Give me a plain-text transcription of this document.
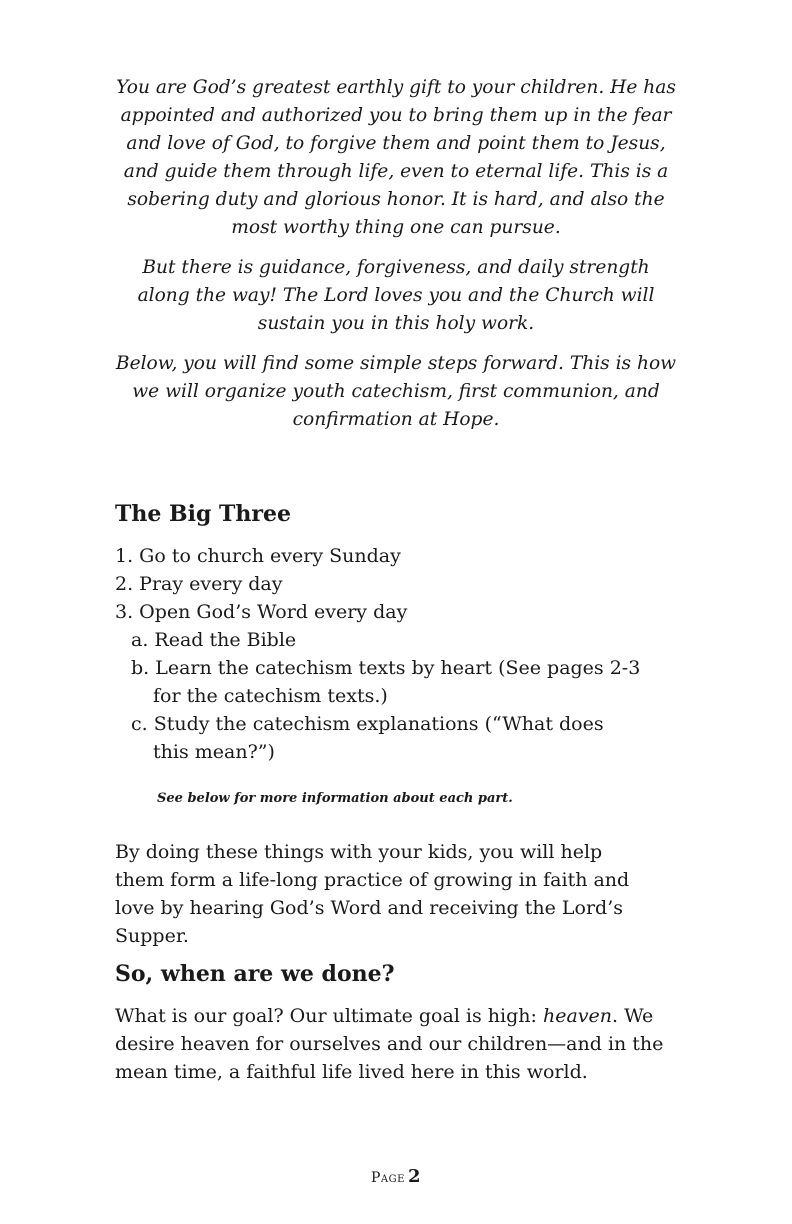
You are God’s greatest earthly gift to your children. He has appointed and authorized you to bring them up in the fear and love of God, to forgive them and point them to Jesus, and guide them through life, even to eternal life. This is a sobering duty and glorious honor. It is hard, and also the most worthy thing one can pursue.

But there is guidance, forgiveness, and daily strength along the way! The Lord loves you and the Church will sustain you in this holy work.

Below, you will find some simple steps forward. This is how we will organize youth catechism, first communion, and confirmation at Hope.

The Big Three
1. Go to church every Sunday
2. Pray every day
3. Open God’s Word every day
a. Read the Bible
b. Learn the catechism texts by heart (See pages 2-3 for the catechism texts.)
c. Study the catechism explanations (“What does this mean?”)
See below for more information about each part.

By doing these things with your kids, you will help them form a life-long practice of growing in faith and love by hearing God’s Word and receiving the Lord’s Supper.

So, when are we done?

What is our goal? Our ultimate goal is high: heaven. We desire heaven for ourselves and our children—and in the mean time, a faithful life lived here in this world.

Page 2
